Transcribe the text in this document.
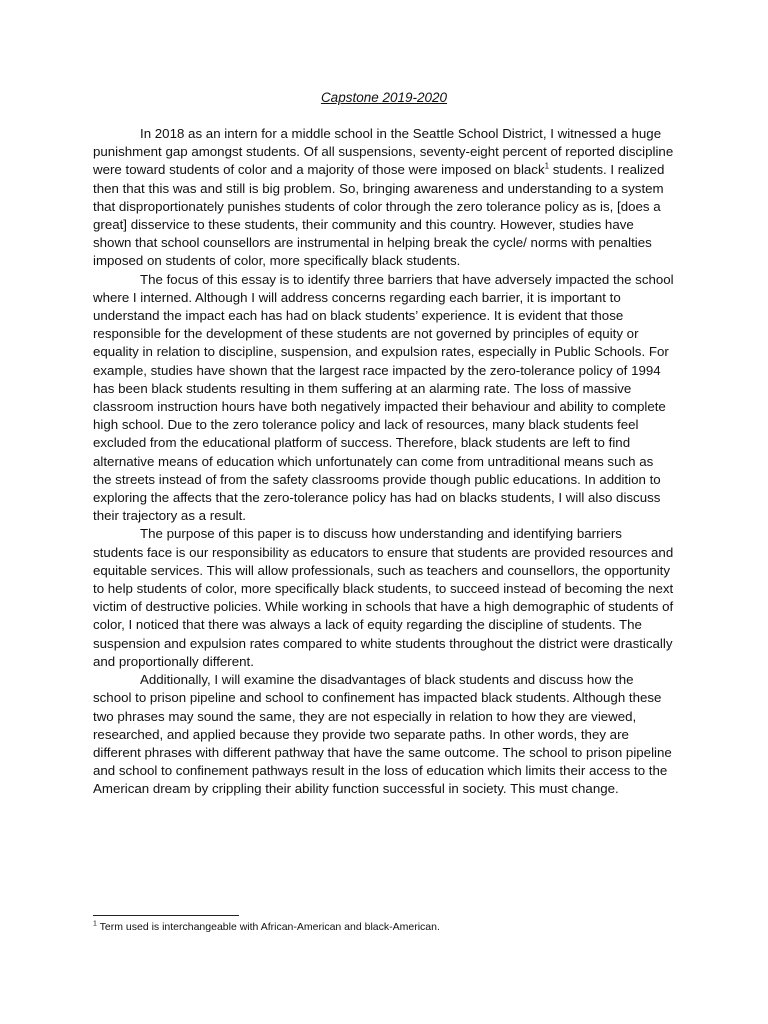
Capstone 2019-2020

In 2018 as an intern for a middle school in the Seattle School District, I witnessed a huge punishment gap amongst students. Of all suspensions, seventy-eight percent of reported discipline were toward students of color and a majority of those were imposed on black$^1$ students. I realized then that this was and still is big problem. So, bringing awareness and understanding to a system that disproportionately punishes students of color through the zero tolerance policy as is, [does a great] disservice to these students, their community and this country. However, studies have shown that school counsellors are instrumental in helping break the cycle/ norms with penalties imposed on students of color, more specifically black students.

The focus of this essay is to identify three barriers that have adversely impacted the school where I interned. Although I will address concerns regarding each barrier, it is important to understand the impact each has had on black students’ experience. It is evident that those responsible for the development of these students are not governed by principles of equity or equality in relation to discipline, suspension, and expulsion rates, especially in Public Schools. For example, studies have shown that the largest race impacted by the zero-tolerance policy of 1994 has been black students resulting in them suffering at an alarming rate. The loss of massive classroom instruction hours have both negatively impacted their behaviour and ability to complete high school. Due to the zero tolerance policy and lack of resources, many black students feel excluded from the educational platform of success. Therefore, black students are left to find alternative means of education which unfortunately can come from untraditional means such as the streets instead of from the safety classrooms provide though public educations. In addition to exploring the affects that the zero-tolerance policy has had on blacks students, I will also discuss their trajectory as a result.

The purpose of this paper is to discuss how understanding and identifying barriers students face is our responsibility as educators to ensure that students are provided resources and equitable services. This will allow professionals, such as teachers and counsellors, the opportunity to help students of color, more specifically black students, to succeed instead of becoming the next victim of destructive policies. While working in schools that have a high demographic of students of color, I noticed that there was always a lack of equity regarding the discipline of students. The suspension and expulsion rates compared to white students throughout the district were drastically and proportionally different.

Additionally, I will examine the disadvantages of black students and discuss how the school to prison pipeline and school to confinement has impacted black students. Although these two phrases may sound the same, they are not especially in relation to how they are viewed, researched, and applied because they provide two separate paths. In other words, they are different phrases with different pathway that have the same outcome. The school to prison pipeline and school to confinement pathways result in the loss of education which limits their access to the American dream by crippling their ability function successful in society. This must change.

$^1$ Term used is interchangeable with African-American and black-American.
